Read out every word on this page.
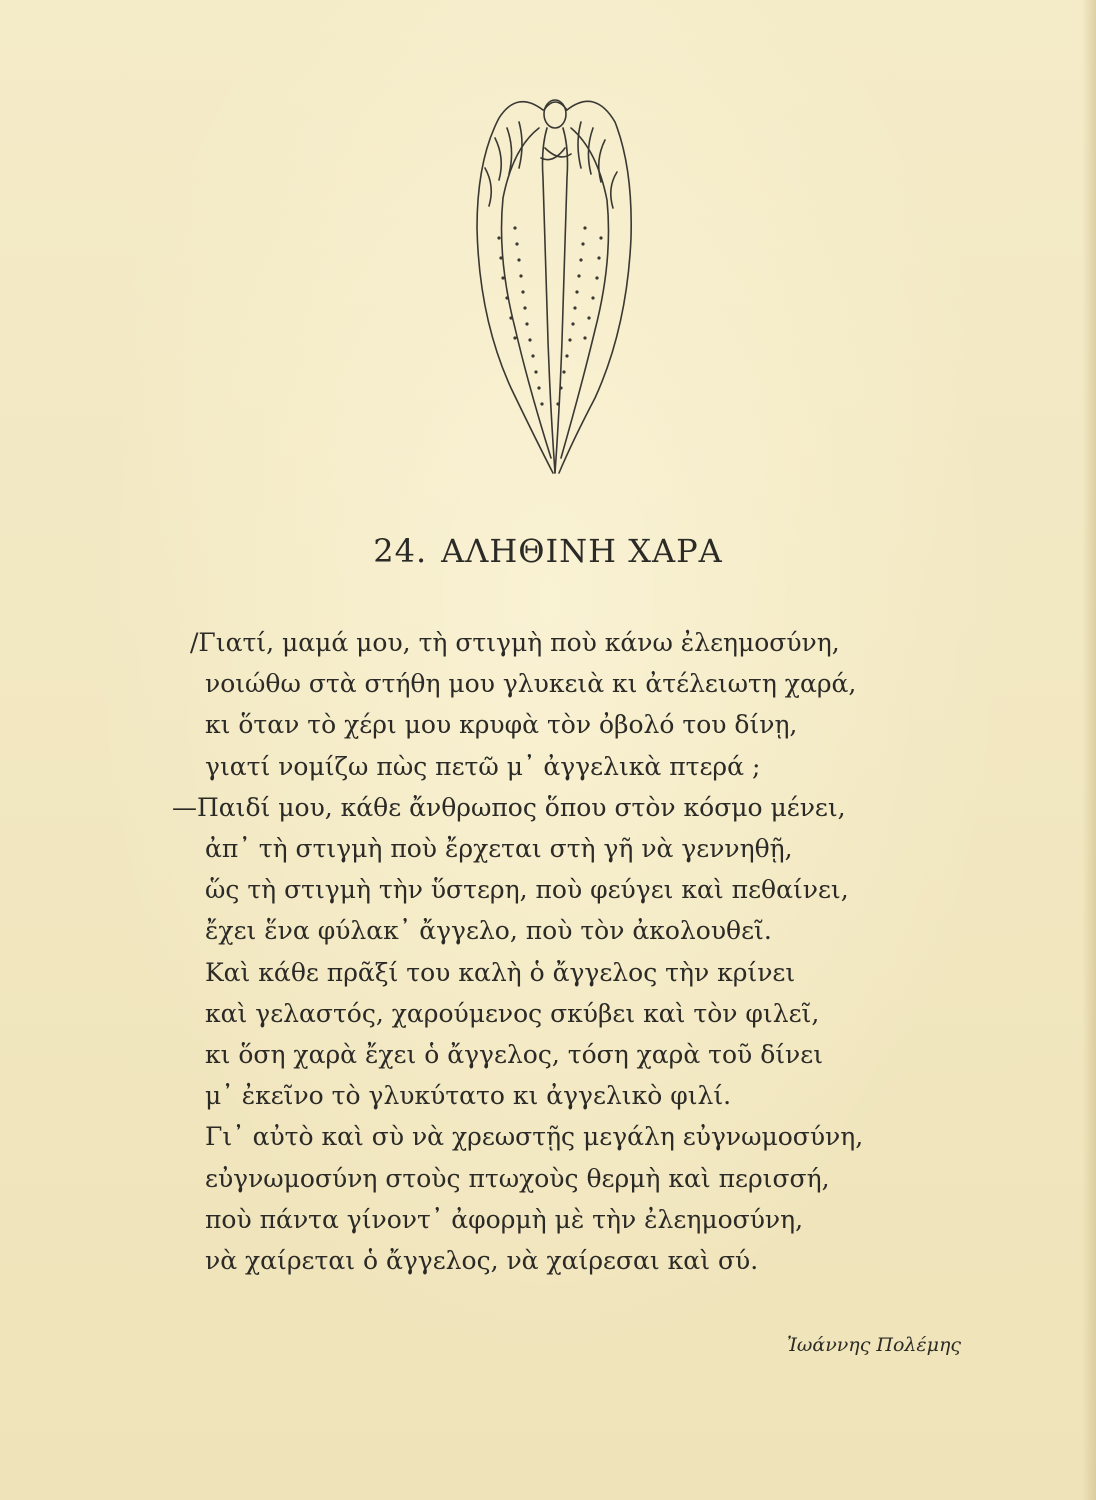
24. ΑΛΗΘΙΝΗ ΧΑΡΑ
/Γιατί, μαμά μου, τὴ στιγμὴ ποὺ κάνω ἐλεημοσύνη,
νοιώθω στὰ στήθη μου γλυκειὰ κι ἀτέλειωτη χαρά,
κι ὅταν τὸ χέρι μου κρυφὰ τὸν ὀβολό του δίνῃ,
γιατί νομίζω πὼς πετῶ μ᾿ ἀγγελικὰ πτερά ;
—Παιδί μου, κάθε ἄνθρωπος ὅπου στὸν κόσμο μένει,
ἀπ᾿ τὴ στιγμὴ ποὺ ἔρχεται στὴ γῆ νὰ γεννηθῇ,
ὥς τὴ στιγμὴ τὴν ὕστερη, ποὺ φεύγει καὶ πεθαίνει,
ἔχει ἕνα φύλακ᾿ ἄγγελο, ποὺ τὸν ἀκολουθεῖ.
Καὶ κάθε πρᾶξί του καλὴ ὁ ἄγγελος τὴν κρίνει
καὶ γελαστός, χαρούμενος σκύβει καὶ τὸν φιλεῖ,
κι ὅση χαρὰ ἔχει ὁ ἄγγελος, τόση χαρὰ τοῦ δίνει
μ᾿ ἐκεῖνο τὸ γλυκύτατο κι ἀγγελικὸ φιλί.
Γι᾿ αὐτὸ καὶ σὺ νὰ χρεωστῇς μεγάλη εὐγνωμοσύνη,
εὐγνωμοσύνη στοὺς πτωχοὺς θερμὴ καὶ περισσή,
ποὺ πάντα γίνοντ᾿ ἀφορμὴ μὲ τὴν ἐλεημοσύνη,
νὰ χαίρεται ὁ ἄγγελος, νὰ χαίρεσαι καὶ σύ.
Ἰωάννης Πολέμης
